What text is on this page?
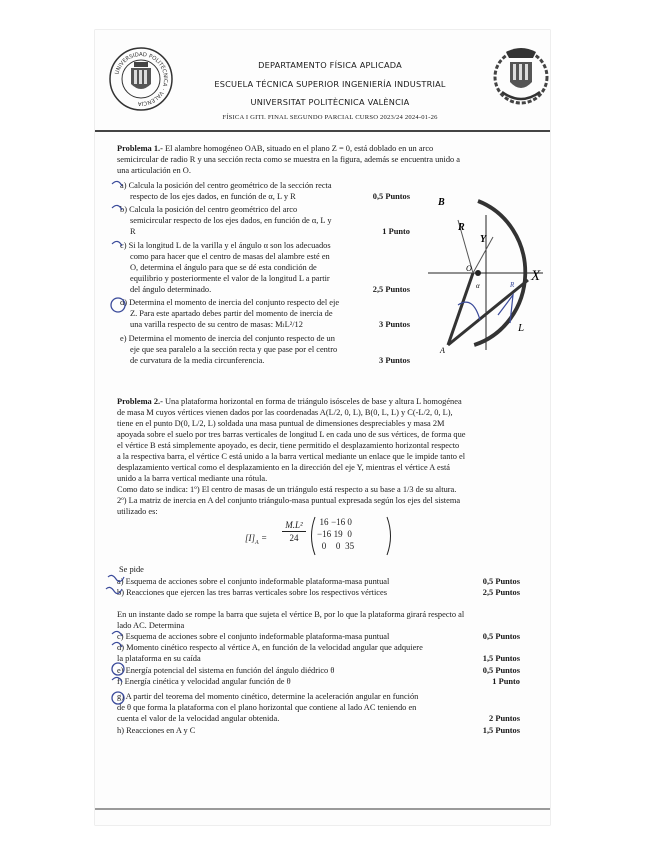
UNIVERSIDAD POLITÉCNICA · VALENCIA
DEPARTAMENTO FÍSICA APLICADA
ESCUELA TÉCNICA SUPERIOR INGENIERÍA INDUSTRIAL
UNIVERSITAT POLITÈCNICA VALÈNCIA
FÍSICA I GITI. FINAL SEGUNDO PARCIAL CURSO 2023/24 2024-01-26
Problema 1.- El alambre homogéneo OAB, situado en el plano Z = 0, está doblado en un arco
semicircular de radio R y una sección recta como se muestra en la figura, además se encuentra unido a
una articulación en O.
a) Calcula la posición del centro geométrico de la sección recta
respecto de los ejes dados, en función de α, L y R	0,5 Puntos
b) Calcula la posición del centro geométrico del arco
semicircular respecto de los ejes dados, en función de α, L y
R	1 Punto
c) Si la longitud L de la varilla y el ángulo α son los adecuados
como para hacer que el centro de masas del alambre esté en
O, determina el ángulo para que se dé esta condición de
equilibrio y posteriormente el valor de la longitud L a partir
del ángulo determinado.	2,5 Puntos
d) Determina el momento de inercia del conjunto respecto del eje
Z. Para este apartado debes partir del momento de inercia de
una varilla respecto de su centro de masas: MₗL²/12	3 Puntos
e) Determina el momento de inercia del conjunto respecto de un
eje que sea paralelo a la sección recta y que pase por el centro
de curvatura de la media circunferencia.	3 Puntos
B
R
Y
X
O
α
L
A
R
Problema 2.- Una plataforma horizontal en forma de triángulo isósceles de base y altura L homogénea
de masa M cuyos vértices vienen dados por las coordenadas A(L/2, 0, L), B(0, L, L) y C(-L/2, 0, L),
tiene en el punto D(0, L/2, L) soldada una masa puntual de dimensiones despreciables y masa 2M
apoyada sobre el suelo por tres barras verticales de longitud L en cada uno de sus vértices, de forma que
el vértice B está simplemente apoyado, es decir, tiene permitido el desplazamiento horizontal respecto
a la respectiva barra, el vértice C está unido a la barra vertical mediante un enlace que le impide tanto el
desplazamiento vertical como el desplazamiento en la dirección del eje Y, mientras el vértice A está
unido a la barra vertical mediante una rótula.
Como dato se indica: 1º) El centro de masas de un triángulo está respecto a su base a 1/3 de su altura.
2º) La matriz de inercia en A del conjunto triángulo-masa puntual expresada según los ejes del sistema
utilizado es:
$[I]_A$ =
M.L²
24
16	−16	0
−16	19	0
0	0	35
Se pide
a) Esquema de acciones sobre el conjunto indeformable plataforma-masa puntual	0,5 Puntos
b) Reacciones que ejercen las tres barras verticales sobre los respectivos vértices	2,5 Puntos
En un instante dado se rompe la barra que sujeta el vértice B, por lo que la plataforma girará respecto al
lado AC. Determina
c) Esquema de acciones sobre el conjunto indeformable plataforma-masa puntual	0,5 Puntos
d) Momento cinético respecto al vértice A, en función de la velocidad angular que adquiere
la plataforma en su caída	1,5 Puntos
e) Energía potencial del sistema en función del ángulo diédrico θ	0,5 Puntos
f) Energía cinética y velocidad angular función de θ	1 Punto
g) A partir del teorema del momento cinético, determine la aceleración angular en función
de θ que forma la plataforma con el plano horizontal que contiene al lado AC teniendo en
cuenta el valor de la velocidad angular obtenida.	2 Puntos
h) Reacciones en A y C	1,5 Puntos
